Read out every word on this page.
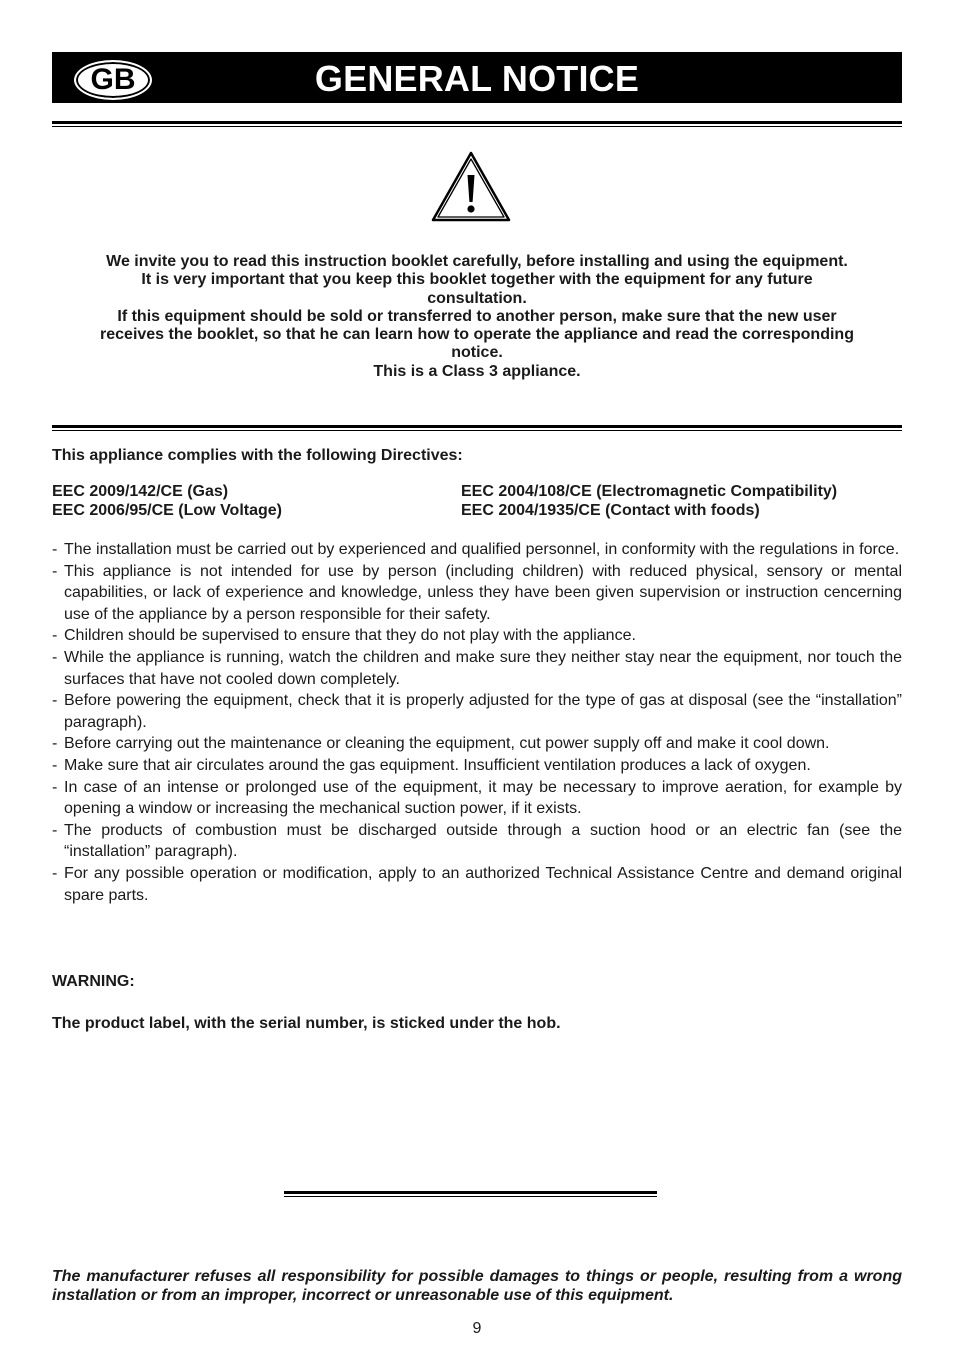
GB	GENERAL NOTICE

We invite you to read this instruction booklet carefully, before installing and using the equipment.

It is very important that you keep this booklet together with the equipment for any future consultation.

If this equipment should be sold or transferred to another person, make sure that the new user receives the booklet, so that he can learn how to operate the appliance and read the corresponding notice.

This is a Class 3 appliance.

This appliance complies with the following Directives:
EEC 2009/142/CE (Gas)
EEC 2006/95/CE (Low Voltage)
EEC 2004/108/CE (Electromagnetic Compatibility)
EEC 2004/1935/CE (Contact with foods)
- The installation must be carried out by experienced and qualified personnel, in conformity with the regulations in force.
- This appliance is not intended for use by person (including children) with reduced physical, sensory or mental capabilities, or lack of experience and knowledge, unless they have been given supervision or instruction cencerning use of the appliance by a person responsible for their safety.
- Children should be supervised to ensure that they do not play with the appliance.
- While the appliance is running, watch the children and make sure they neither stay near the equipment, nor touch the surfaces that have not cooled down completely.
- Before powering the equipment, check that it is properly adjusted for the type of gas at disposal (see the “installation” paragraph).
- Before carrying out the maintenance or cleaning the equipment, cut power supply off and make it cool down.
- Make sure that air circulates around the gas equipment. Insufficient ventilation produces a lack of oxygen.
- In case of an intense or prolonged use of the equipment, it may be necessary to improve aeration, for example by opening a window or increasing the mechanical suction power, if it exists.
- The products of combustion must be discharged outside through a suction hood or an electric fan (see the “installation” paragraph).
- For any possible operation or modification, apply to an authorized Technical Assistance Centre and demand original spare parts.
WARNING:
The product label, with the serial number, is sticked under the hob.

The manufacturer refuses all responsibility for possible damages to things or people, resulting from a wrong installation or from an improper, incorrect or unreasonable use of this equipment.

9
